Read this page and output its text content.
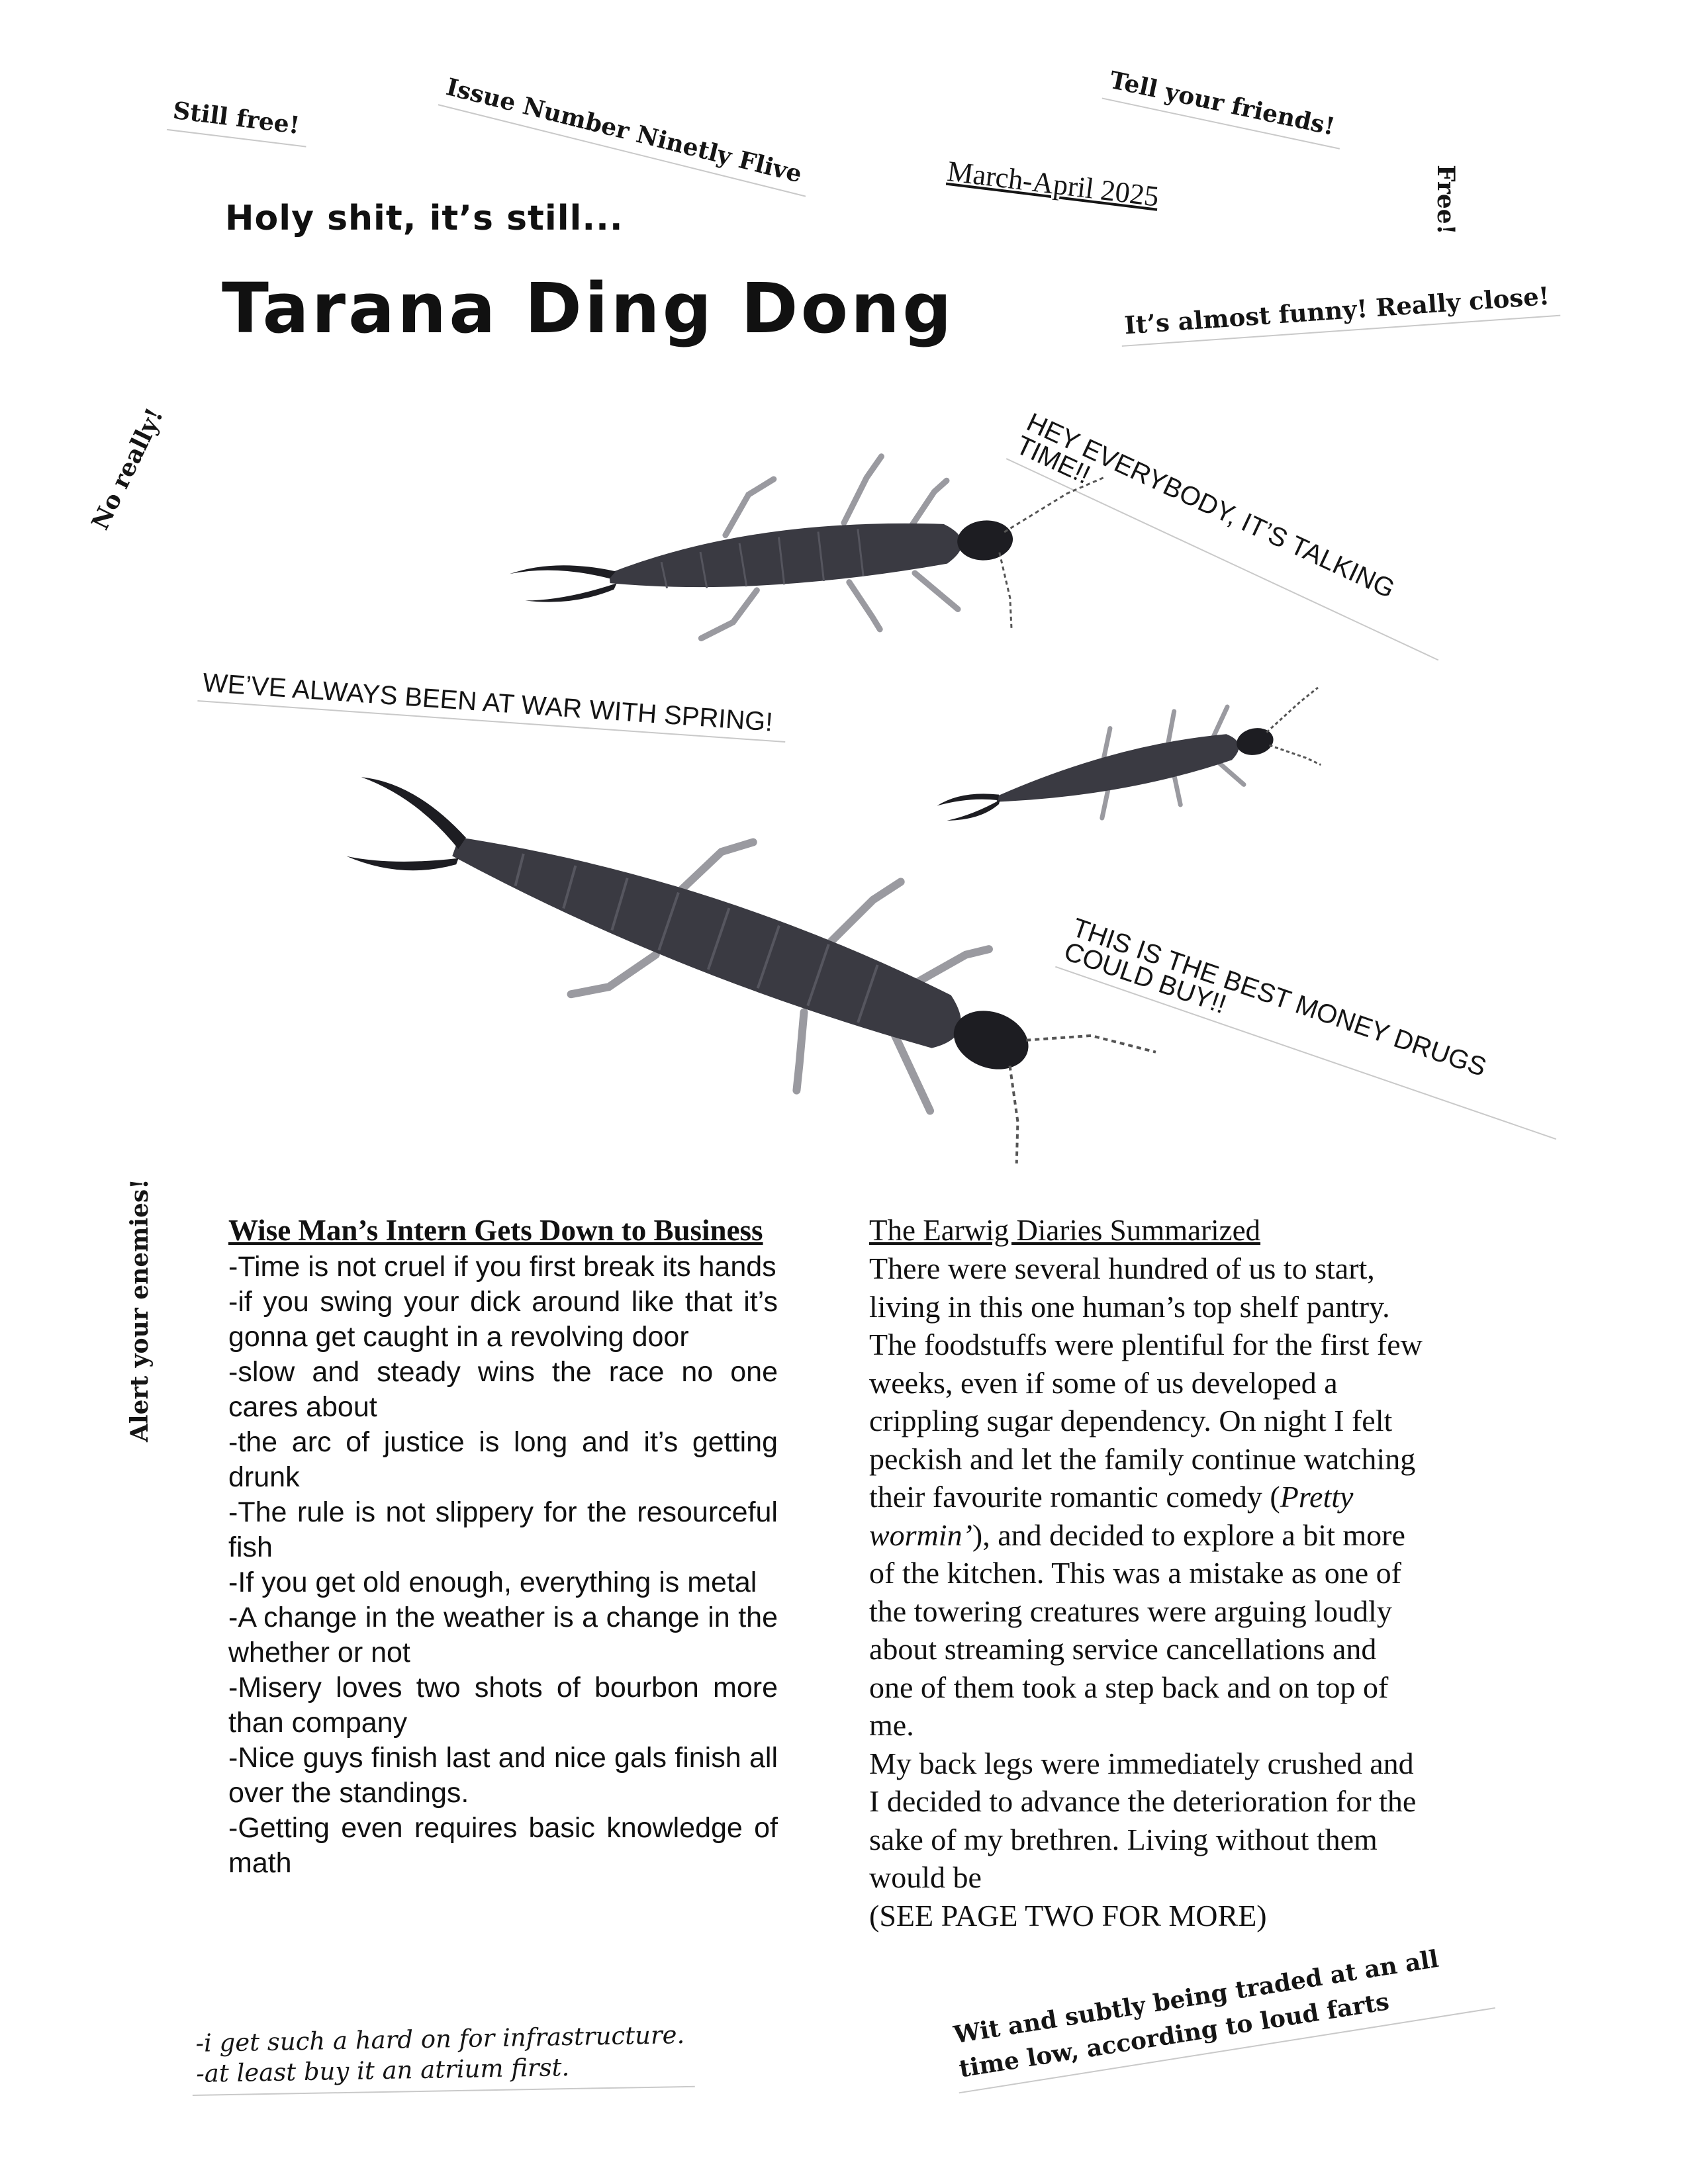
Holy shit, it’s still...
Tarana Ding Dong
Still free!	Issue Number Ninetly Flive	Tell your friends!
March-April 2025	Free!
It’s almost funny! Really close!
No really!
Alert your enemies!
HEY EVERYBODY, IT’S TALKING TIME!!
WE’VE ALWAYS BEEN AT WAR WITH SPRING!
THIS IS THE BEST MONEY DRUGS COULD BUY!!
Wit and subtly being traded at an all time low, according to loud farts
Wise Man’s Intern Gets Down to Business
-Time is not cruel if you first break its hands
-if you swing your dick around like that it’s gonna get caught in a revolving door
-slow and steady wins the race no one cares about
-the arc of justice is long and it’s getting drunk
-The rule is not slippery for the resourceful fish
-If you get old enough, everything is metal
-A change in the weather is a change in the whether or not
-Misery loves two shots of bourbon more than company
-Nice guys finish last and nice gals finish all over the standings.
-Getting even requires basic knowledge of math
The Earwig Diaries Summarized
There were several hundred of us to start, living in this one human’s top shelf pantry. The foodstuffs were plentiful for the first few weeks, even if some of us developed a crippling sugar dependency. On night I felt peckish and let the family continue watching their favourite romantic comedy (Pretty wormin’), and decided to explore a bit more of the kitchen. This was a mistake as one of the towering creatures were arguing loudly about streaming service cancellations and one of them took a step back and on top of me.
My back legs were immediately crushed and I decided to advance the deterioration for the sake of my brethren. Living without them would be
(SEE PAGE TWO FOR MORE)
-i get such a hard on for infrastructure.
-at least buy it an atrium first.
